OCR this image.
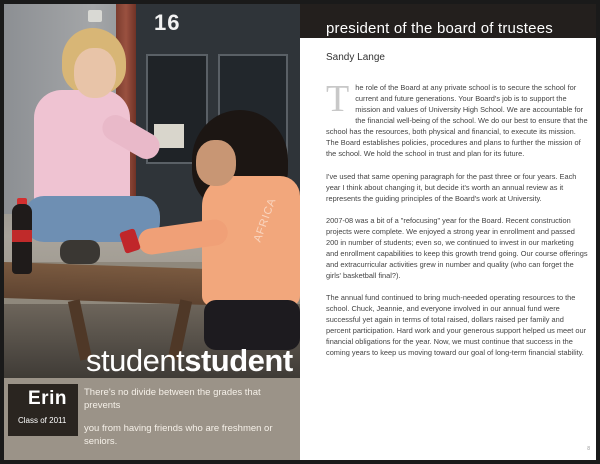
16
AFRICA
studentstudent
Erin
Class of 2011
There's no divide between the grades that prevents
you from having friends who are freshmen or seniors.
president of the board of trustees
Sandy Lange

The role of the Board at any private school is to secure the school for current and future generations. Your Board's job is to support the mission and values of University High School. We are accountable for the financial well-being of the school. We do our best to ensure that the school has the resources, both physical and financial, to execute its mission. The Board establishes policies, procedures and plans to further the mission of the school. We hold the school in trust and plan for its future.

I've used that same opening paragraph for the past three or four years. Each year I think about changing it, but decide it's worth an annual review as it represents the guiding principles of the Board's work at University.

2007-08 was a bit of a "refocusing" year for the Board. Recent construction projects were complete. We enjoyed a strong year in enrollment and passed 200 in number of students; even so, we continued to invest in our marketing and enrollment capabilities to keep this growth trend going. Our course offerings and extracurricular activities grew in number and quality (who can forget the girls' basketball final?).

The annual fund continued to bring much-needed operating resources to the school. Chuck, Jeannie, and everyone involved in our annual fund were successful yet again in terms of total raised, dollars raised per family and percent participation. Hard work and your generous support helped us meet our financial obligations for the year. Now, we must continue that success in the coming years to keep us moving toward our goal of long-term financial stability.

8
